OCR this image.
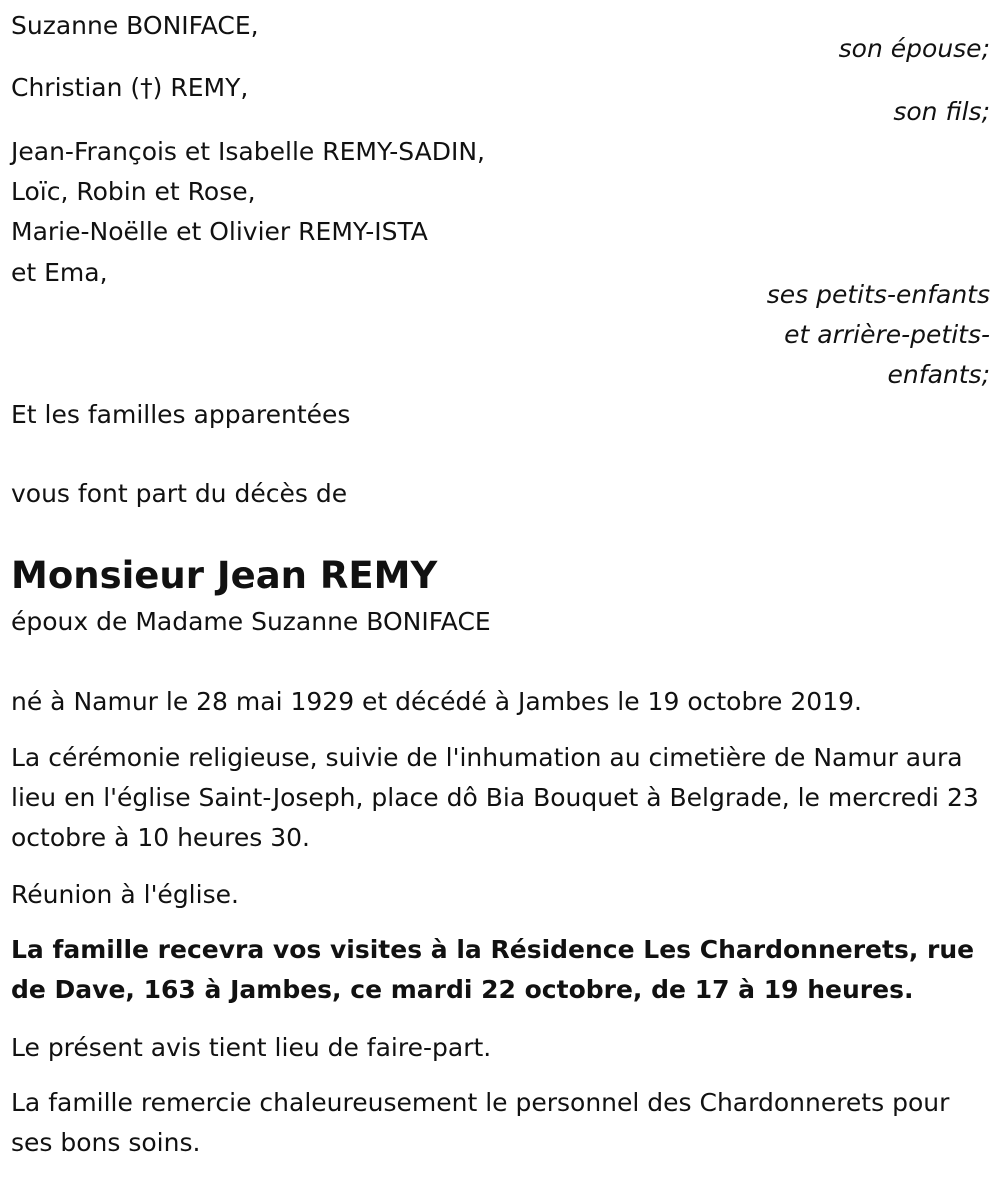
Suzanne BONIFACE,
son épouse;
Christian (†) REMY,
son fils;
Jean-François et Isabelle REMY-SADIN,
Loïc, Robin et Rose,
Marie-Noëlle et Olivier REMY-ISTA
et Ema,
ses petits-enfants
et arrière-petits-
enfants;
Et les familles apparentées
vous font part du décès de
Monsieur Jean REMY
époux de Madame Suzanne BONIFACE
né à Namur le 28 mai 1929 et décédé à Jambes le 19 octobre 2019.
La cérémonie religieuse, suivie de l'inhumation au cimetière de Namur aura lieu en l'église Saint-Joseph, place dô Bia Bouquet à Belgrade, le mercredi 23 octobre à 10 heures 30.
Réunion à l'église.
La famille recevra vos visites à la Résidence Les Chardonnerets, rue de Dave, 163 à Jambes, ce mardi 22 octobre, de 17 à 19 heures.
Le présent avis tient lieu de faire-part.
La famille remercie chaleureusement le personnel des Chardonnerets pour ses bons soins.
